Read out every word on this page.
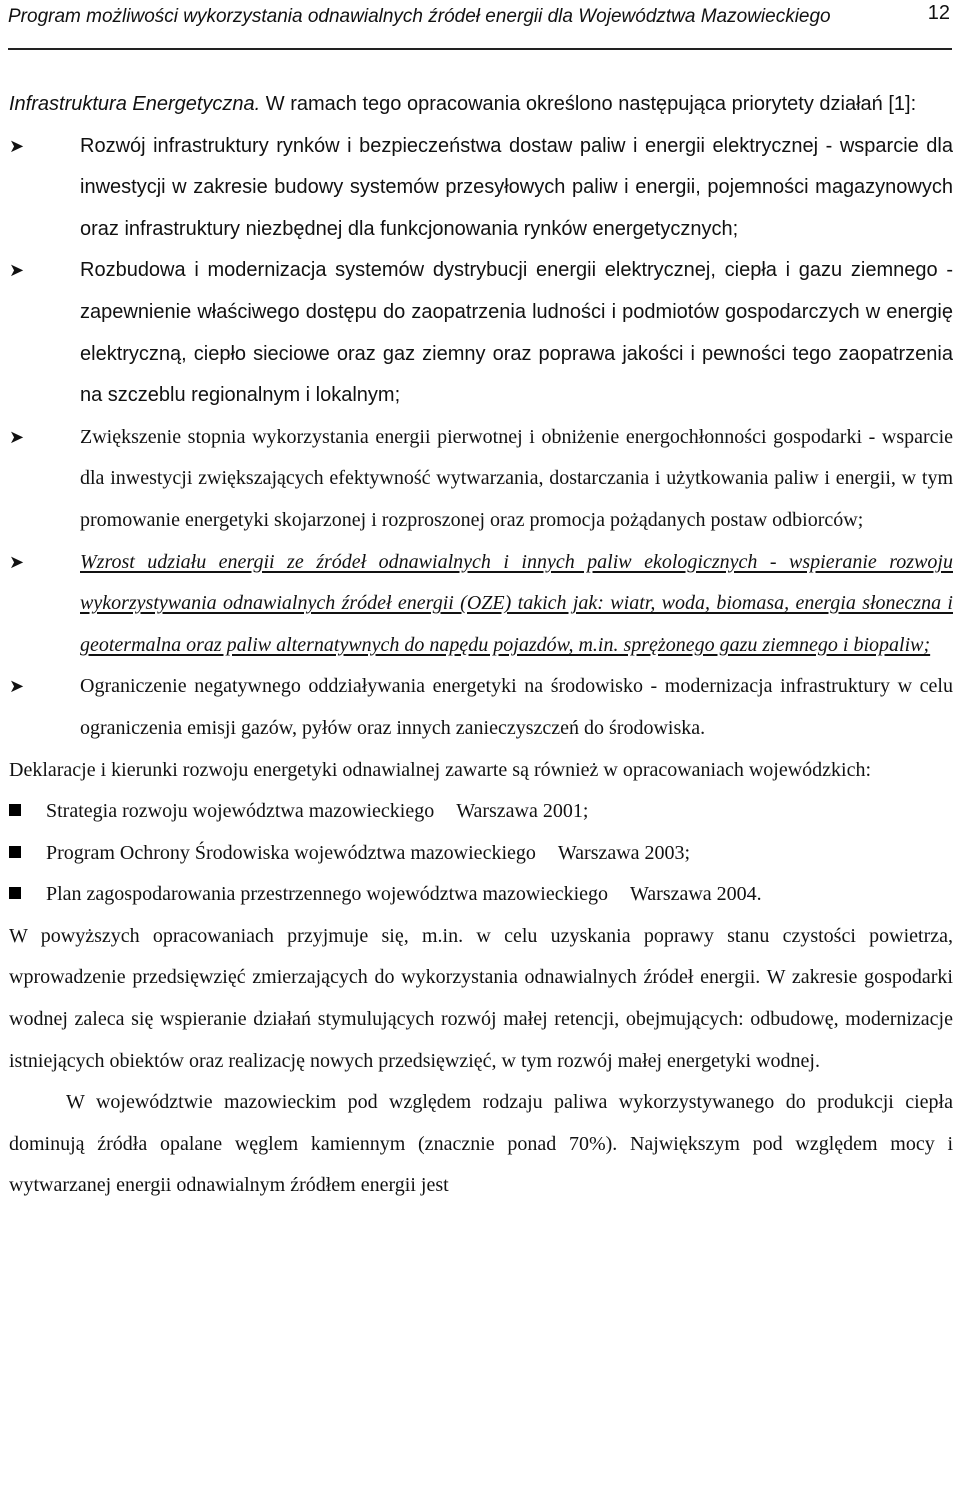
Program możliwości wykorzystania odnawialnych źródeł energii dla Województwa Mazowieckiego	12

Infrastruktura Energetyczna. W ramach tego opracowania określono następująca priorytety działań [1]:

➤	Rozwój infrastruktury rynków i bezpieczeństwa dostaw paliw i energii elektrycznej - wsparcie dla inwestycji w zakresie budowy systemów przesyłowych paliw i energii, pojemności magazynowych oraz infrastruktury niezbędnej dla funkcjonowania rynków energetycznych;
➤	Rozbudowa i modernizacja systemów dystrybucji energii elektrycznej, ciepła i gazu ziemnego - zapewnienie właściwego dostępu do zaopatrzenia ludności i podmiotów gospodarczych w energię elektryczną, ciepło sieciowe oraz gaz ziemny oraz poprawa jakości i pewności tego zaopatrzenia na szczeblu regionalnym i lokalnym;
➤	Zwiększenie stopnia wykorzystania energii pierwotnej i obniżenie energochłonności gospodarki - wsparcie dla inwestycji zwiększających efektywność wytwarzania, dostarczania i użytkowania paliw i energii, w tym promowanie energetyki skojarzonej i rozproszonej oraz promocja pożądanych postaw odbiorców;
➤	Wzrost udziału energii ze źródeł odnawialnych i innych paliw ekologicznych - wspieranie rozwoju wykorzystywania odnawialnych źródeł energii (OZE) takich jak: wiatr, woda, biomasa, energia słoneczna i geotermalna oraz paliw alternatywnych do napędu pojazdów, m.in. sprężonego gazu ziemnego i biopaliw;
➤	Ograniczenie negatywnego oddziaływania energetyki na środowisko - modernizacja infrastruktury w celu ograniczenia emisji gazów, pyłów oraz innych zanieczyszczeń do środowiska.

Deklaracje i kierunki rozwoju energetyki odnawialnej zawarte są również w opracowaniach wojewódzkich:

Strategia rozwoju województwa mazowieckiego Warszawa 2001;
Program Ochrony Środowiska województwa mazowieckiego Warszawa 2003;
Plan zagospodarowania przestrzennego województwa mazowieckiego Warszawa 2004.

W powyższych opracowaniach przyjmuje się, m.in. w celu uzyskania poprawy stanu czystości powietrza, wprowadzenie przedsięwzięć zmierzających do wykorzystania odnawialnych źródeł energii. W zakresie gospodarki wodnej zaleca się wspieranie działań stymulujących rozwój małej retencji, obejmujących: odbudowę, modernizacje istniejących obiektów oraz realizację nowych przedsięwzięć, w tym rozwój małej energetyki wodnej.

W województwie mazowieckim pod względem rodzaju paliwa wykorzystywanego do produkcji ciepła dominują źródła opalane węglem kamiennym (znacznie ponad 70%). Największym pod względem mocy i wytwarzanej energii odnawialnym źródłem energii jest
